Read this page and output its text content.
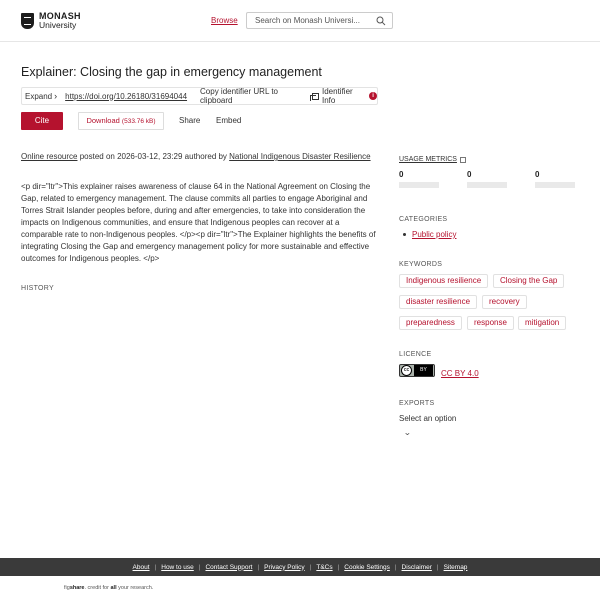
MONASH
University	Browse
Search on Monash Universi...
Explainer: Closing the gap in emergency management
Expand › https://doi.org/10.26180/31694044 Copy identifier URL to clipboard
Identifier Info	i
Cite	Download (533.76 kB)	Share Embed
Online resource posted on 2026-03-12, 23:29 authored by National Indigenous Disaster Resilience
<p dir="ltr">This explainer raises awareness of clause 64 in the National Agreement on Closing the Gap, related to emergency management. The clause commits all parties to engage Aboriginal and Torres Strait Islander peoples before, during and after emergencies, to take into consideration the impacts on Indigenous communities, and ensure that Indigenous peoples can recover at a comparable rate to non-Indigenous peoples. </p><p dir="ltr">The Explainer highlights the benefits of integrating Closing the Gap and emergency management policy for more sustainable and effective outcomes for Indigenous peoples. </p>
HISTORY
USAGE METRICS
0	0	0
CATEGORIES
Public policy
KEYWORDS
Indigenous resilience	Closing the Gap
disaster resilience	recovery
preparedness	response	mitigation
LICENCE
cc	BY	CC BY 4.0
EXPORTS
Select an option
⌄
About | How to use | Contact Support | Privacy Policy | T&Cs | Cookie Settings | Disclaimer | Sitemap
figshare. credit for all your research.
